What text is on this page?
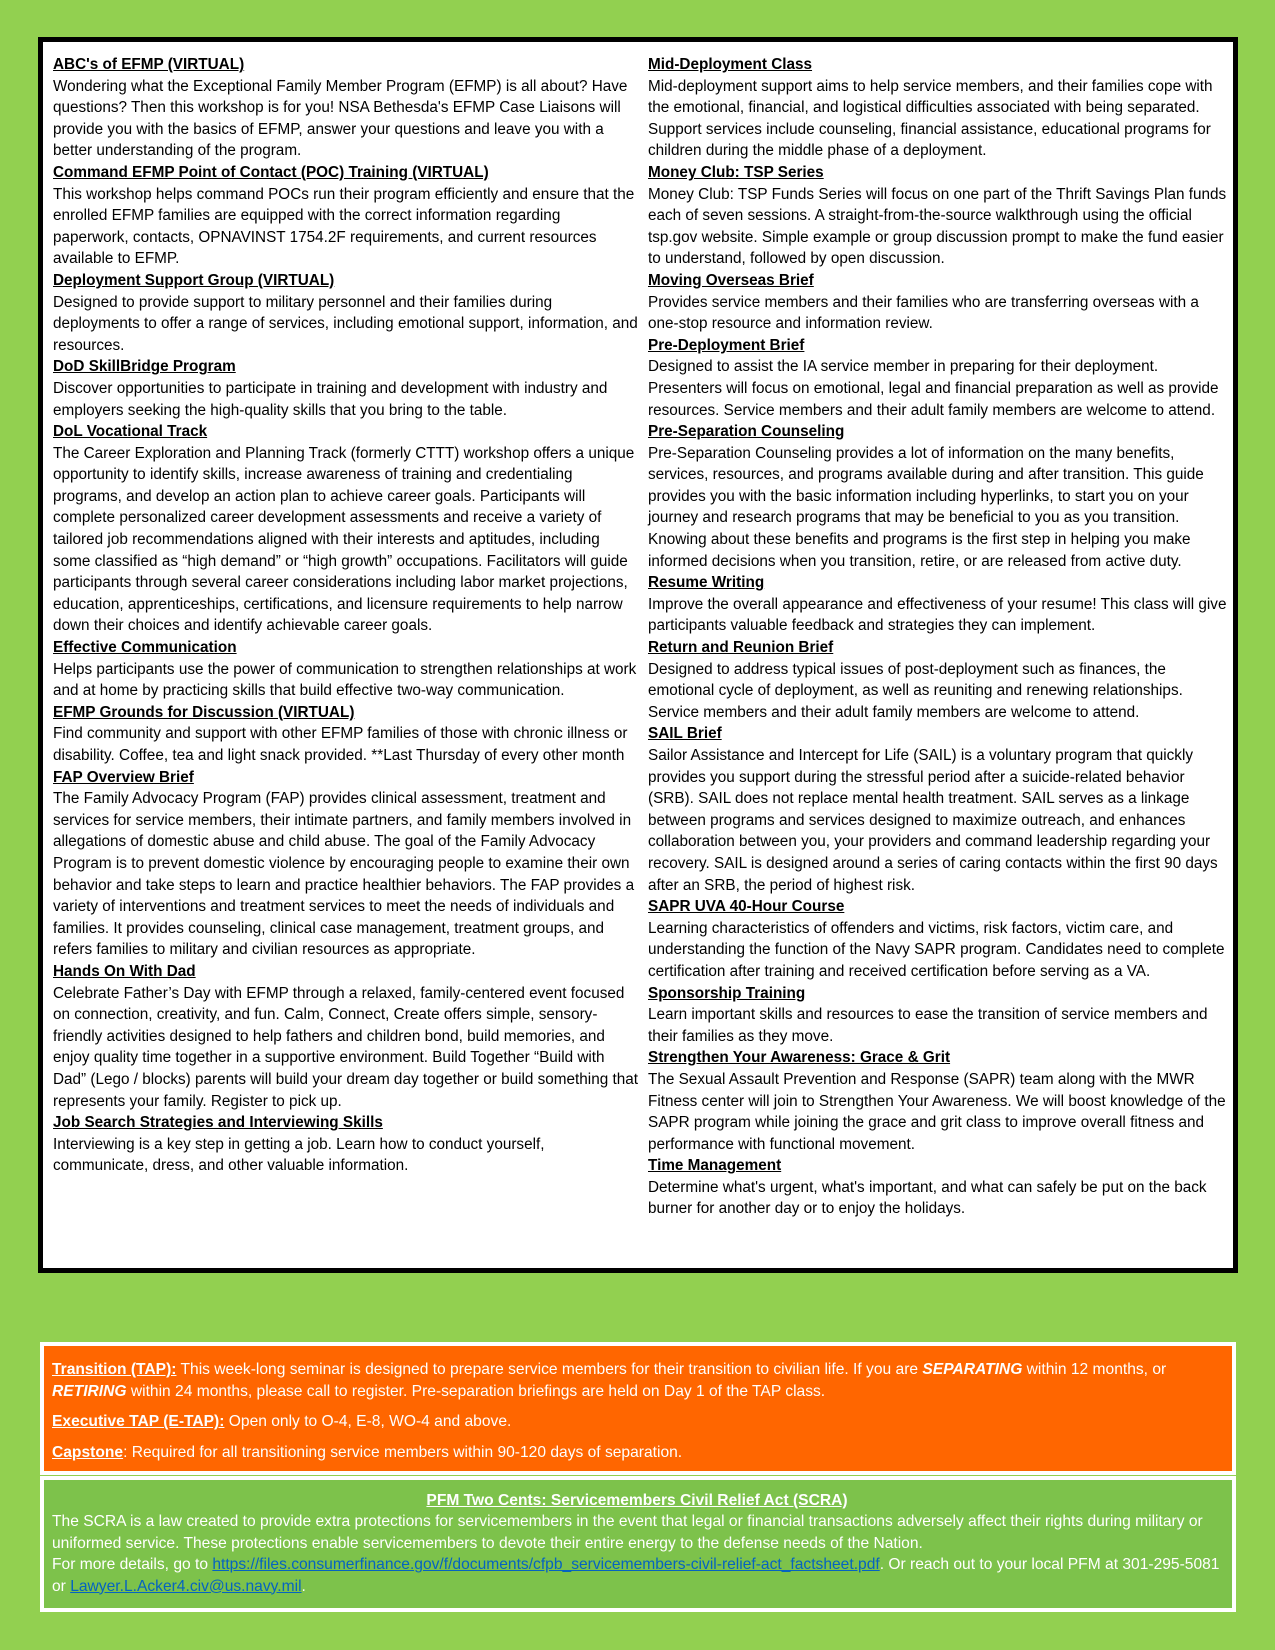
ABC's of EFMP (VIRTUAL)

Wondering what the Exceptional Family Member Program (EFMP) is all about? Have questions? Then this workshop is for you! NSA Bethesda's EFMP Case Liaisons will provide you with the basics of EFMP, answer your questions and leave you with a better understanding of the program.

Command EFMP Point of Contact (POC) Training (VIRTUAL)

This workshop helps command POCs run their program efficiently and ensure that the enrolled EFMP families are equipped with the correct information regarding paperwork, contacts, OPNAVINST 1754.2F requirements, and current resources available to EFMP.

Deployment Support Group (VIRTUAL)

Designed to provide support to military personnel and their families during deployments to offer a range of services, including emotional support, information, and resources.

DoD SkillBridge Program

Discover opportunities to participate in training and development with industry and employers seeking the high-quality skills that you bring to the table.

DoL Vocational Track

The Career Exploration and Planning Track (formerly CTTT) workshop offers a unique opportunity to identify skills, increase awareness of training and credentialing programs, and develop an action plan to achieve career goals. Participants will complete personalized career development assessments and receive a variety of tailored job recommendations aligned with their interests and aptitudes, including some classified as “high demand” or “high growth” occupations. Facilitators will guide participants through several career considerations including labor market projections, education, apprenticeships, certifications, and licensure requirements to help narrow down their choices and identify achievable career goals.

Effective Communication

Helps participants use the power of communication to strengthen relationships at work and at home by practicing skills that build effective two-way communication.

EFMP Grounds for Discussion (VIRTUAL)

Find community and support with other EFMP families of those with chronic illness or disability. Coffee, tea and light snack provided. **Last Thursday of every other month

FAP Overview Brief

The Family Advocacy Program (FAP) provides clinical assessment, treatment and services for service members, their intimate partners, and family members involved in allegations of domestic abuse and child abuse. The goal of the Family Advocacy Program is to prevent domestic violence by encouraging people to examine their own behavior and take steps to learn and practice healthier behaviors. The FAP provides a variety of interventions and treatment services to meet the needs of individuals and families. It provides counseling, clinical case management, treatment groups, and refers families to military and civilian resources as appropriate.

Hands On With Dad

Celebrate Father’s Day with EFMP through a relaxed, family-centered event focused on connection, creativity, and fun. Calm, Connect, Create offers simple, sensory-friendly activities designed to help fathers and children bond, build memories, and enjoy quality time together in a supportive environment. Build Together “Build with Dad” (Lego / blocks) parents will build your dream day together or build something that represents your family. Register to pick up.

Job Search Strategies and Interviewing Skills

Interviewing is a key step in getting a job. Learn how to conduct yourself, communicate, dress, and other valuable information.

Mid-Deployment Class

Mid-deployment support aims to help service members, and their families cope with the emotional, financial, and logistical difficulties associated with being separated. Support services include counseling, financial assistance, educational programs for children during the middle phase of a deployment.

Money Club: TSP Series

Money Club: TSP Funds Series will focus on one part of the Thrift Savings Plan funds each of seven sessions. A straight-from-the-source walkthrough using the official tsp.gov website. Simple example or group discussion prompt to make the fund easier to understand, followed by open discussion.

Moving Overseas Brief

Provides service members and their families who are transferring overseas with a one-stop resource and information review.

Pre-Deployment Brief

Designed to assist the IA service member in preparing for their deployment. Presenters will focus on emotional, legal and financial preparation as well as provide resources. Service members and their adult family members are welcome to attend.

Pre-Separation Counseling

Pre-Separation Counseling provides a lot of information on the many benefits, services, resources, and programs available during and after transition. This guide provides you with the basic information including hyperlinks, to start you on your journey and research programs that may be beneficial to you as you transition. Knowing about these benefits and programs is the first step in helping you make informed decisions when you transition, retire, or are released from active duty.

Resume Writing

Improve the overall appearance and effectiveness of your resume! This class will give participants valuable feedback and strategies they can implement.

Return and Reunion Brief

Designed to address typical issues of post-deployment such as finances, the emotional cycle of deployment, as well as reuniting and renewing relationships. Service members and their adult family members are welcome to attend.

SAIL Brief

Sailor Assistance and Intercept for Life (SAIL) is a voluntary program that quickly provides you support during the stressful period after a suicide-related behavior (SRB). SAIL does not replace mental health treatment. SAIL serves as a linkage between programs and services designed to maximize outreach, and enhances collaboration between you, your providers and command leadership regarding your recovery. SAIL is designed around a series of caring contacts within the first 90 days after an SRB, the period of highest risk.

SAPR UVA 40-Hour Course

Learning characteristics of offenders and victims, risk factors, victim care, and understanding the function of the Navy SAPR program. Candidates need to complete certification after training and received certification before serving as a VA.

Sponsorship Training

Learn important skills and resources to ease the transition of service members and their families as they move.

Strengthen Your Awareness: Grace & Grit

The Sexual Assault Prevention and Response (SAPR) team along with the MWR Fitness center will join to Strengthen Your Awareness. We will boost knowledge of the SAPR program while joining the grace and grit class to improve overall fitness and performance with functional movement.

Time Management

Determine what's urgent, what's important, and what can safely be put on the back burner for another day or to enjoy the holidays.

Transition (TAP): This week-long seminar is designed to prepare service members for their transition to civilian life. If you are SEPARATING within 12 months, or RETIRING within 24 months, please call to register. Pre-separation briefings are held on Day 1 of the TAP class.

Executive TAP (E-TAP): Open only to O-4, E-8, WO-4 and above.

Capstone: Required for all transitioning service members within 90-120 days of separation.

PFM Two Cents: Servicemembers Civil Relief Act (SCRA)
The SCRA is a law created to provide extra protections for servicemembers in the event that legal or financial transactions adversely affect their rights during military or uniformed service. These protections enable servicemembers to devote their entire energy to the defense needs of the Nation.
For more details, go to https://files.consumerfinance.gov/f/documents/cfpb_servicemembers-civil-relief-act_factsheet.pdf. Or reach out to your local PFM at 301-295-5081 or Lawyer.L.Acker4.civ@us.navy.mil.
